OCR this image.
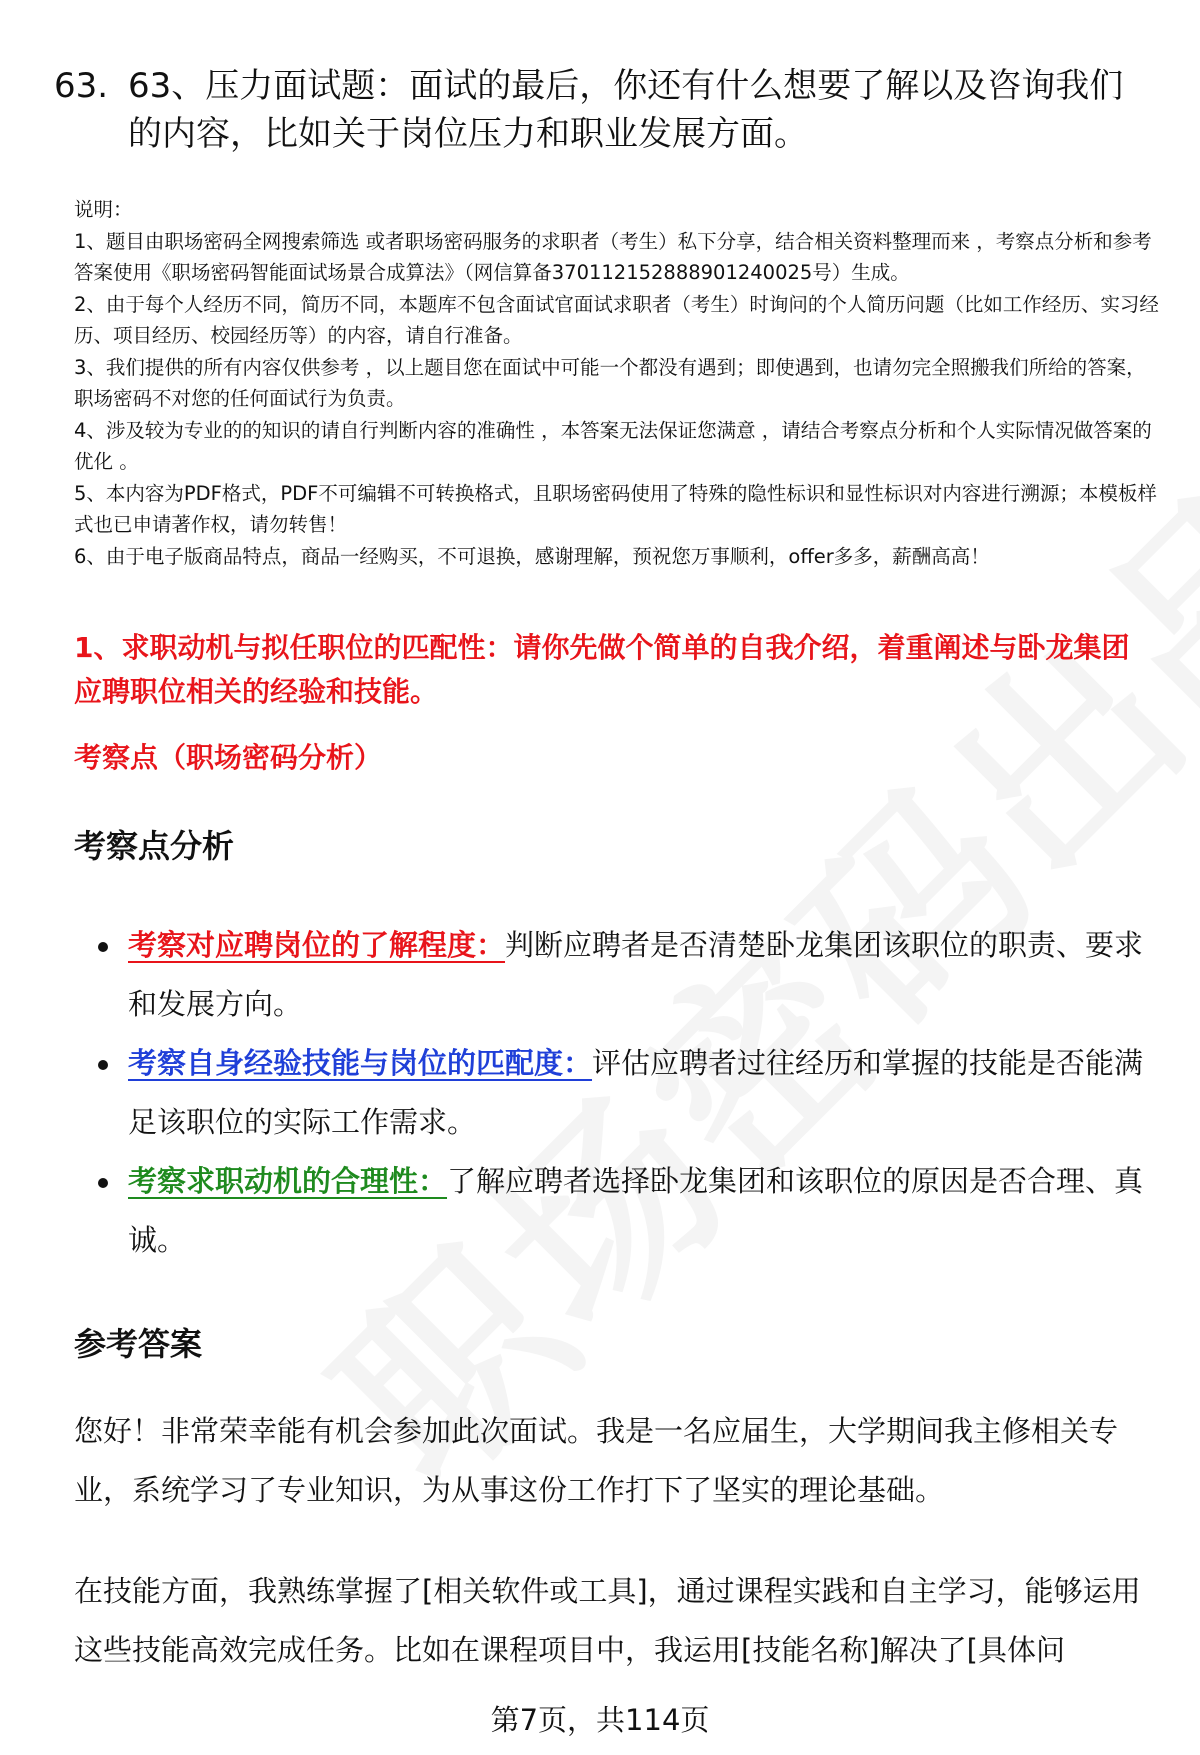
63. 63、压力面试题：面试的最后，你还有什么想要了解以及咨询我们的内容，比如关于岗位压力和职业发展方面。
说明：
1、题目由职场密码全网搜索筛选 或者职场密码服务的求职者（考生）私下分享，结合相关资料整理而来 ，考察点分析和参考答案使用《职场密码智能面试场景合成算法》（网信算备370112152888901240025号）生成。
2、由于每个人经历不同，简历不同，本题库不包含面试官面试求职者（考生）时询问的个人简历问题（比如工作经历、实习经历、项目经历、校园经历等）的内容，请自行准备。
3、我们提供的所有内容仅供参考 ，以上题目您在面试中可能一个都没有遇到；即使遇到，也请勿完全照搬我们所给的答案，职场密码不对您的任何面试行为负责。
4、涉及较为专业的的知识的请自行判断内容的准确性 ，本答案无法保证您满意 ，请结合考察点分析和个人实际情况做答案的优化 。
5、本内容为PDF格式，PDF不可编辑不可转换格式，且职场密码使用了特殊的隐性标识和显性标识对内容进行溯源；本模板样式也已申请著作权，请勿转售！
6、由于电子版商品特点，商品一经购买，不可退换，感谢理解，预祝您万事顺利，offer多多，薪酬高高！
1、求职动机与拟任职位的匹配性：请你先做个简单的自我介绍，着重阐述与卧龙集团应聘职位相关的经验和技能。
考察点（职场密码分析）
考察点分析
考察对应聘岗位的了解程度：判断应聘者是否清楚卧龙集团该职位的职责、要求和发展方向。
考察自身经验技能与岗位的匹配度：评估应聘者过往经历和掌握的技能是否能满足该职位的实际工作需求。
考察求职动机的合理性：了解应聘者选择卧龙集团和该职位的原因是否合理、真诚。
参考答案
您好！非常荣幸能有机会参加此次面试。我是一名应届生，大学期间我主修相关专业，系统学习了专业知识，为从事这份工作打下了坚实的理论基础。
在技能方面，我熟练掌握了[相关软件或工具]，通过课程实践和自主学习，能够运用这些技能高效完成任务。比如在课程项目中，我运用[技能名称]解决了[具体问
第7页，共114页
